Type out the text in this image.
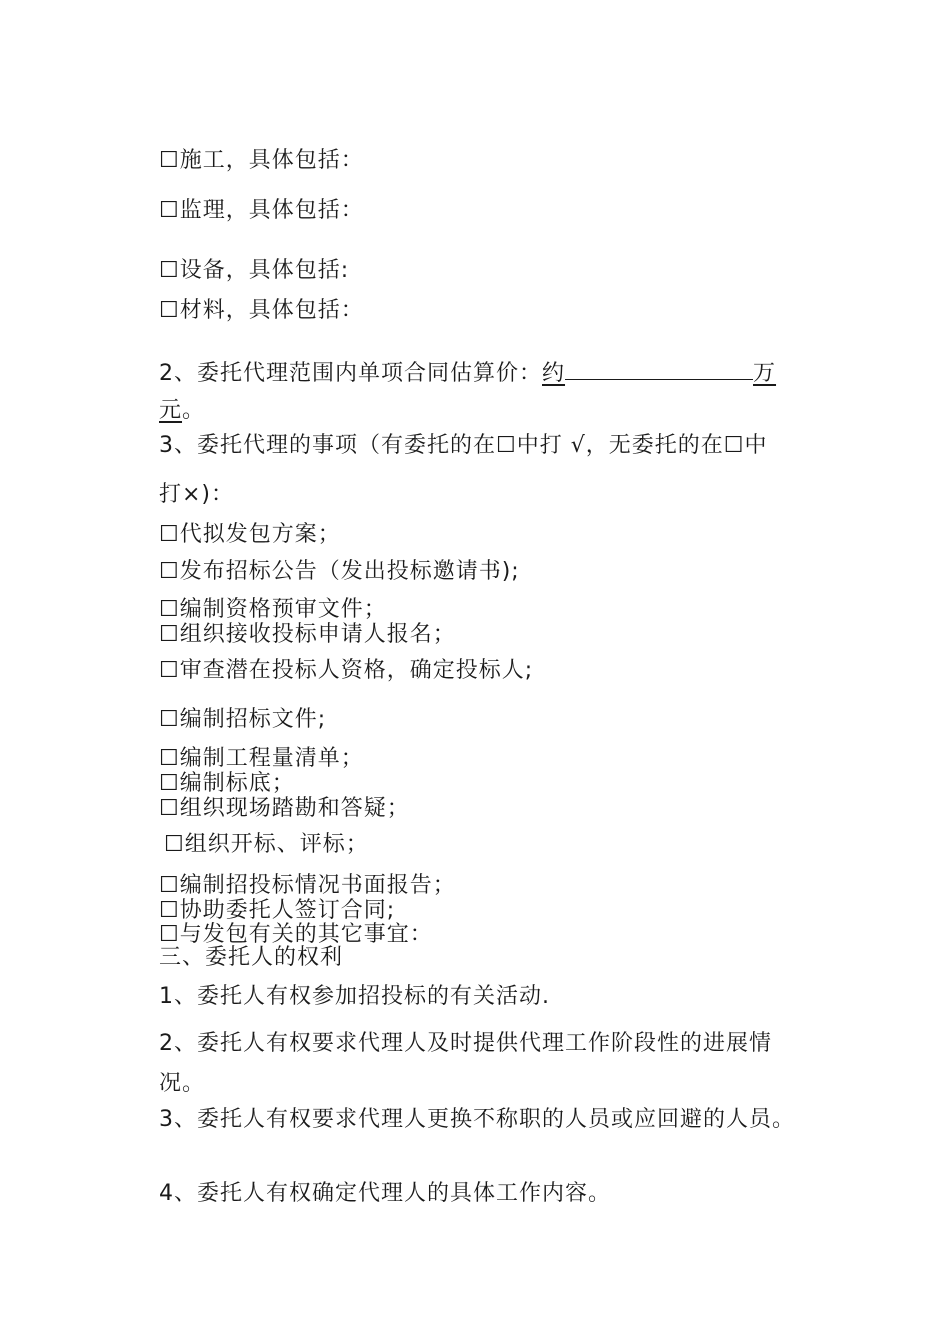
☐施工，具体包括：
☐监理，具体包括：
☐设备，具体包括:
☐材料，具体包括：
2、委托代理范围内单项合同估算价：约	万
元。
3、委托代理的事项（有委托的在☐中打 √，无委托的在☐中
打×)：
☐代拟发包方案；
☐发布招标公告（发出投标邀请书);
☐编制资格预审文件；
☐组织接收投标申请人报名；
☐审查潜在投标人资格，确定投标人;
☐编制招标文件;
☐编制工程量清单；
☐编制标底；
☐组织现场踏勘和答疑；
☐组织开标、评标；
☐编制招投标情况书面报告；
☐协助委托人签订合同;
☐与发包有关的其它事宜：
三、委托人的权利
1、委托人有权参加招投标的有关活动.
2、委托人有权要求代理人及时提供代理工作阶段性的进展情
况。
3、委托人有权要求代理人更换不称职的人员或应回避的人员。
4、委托人有权确定代理人的具体工作内容。
